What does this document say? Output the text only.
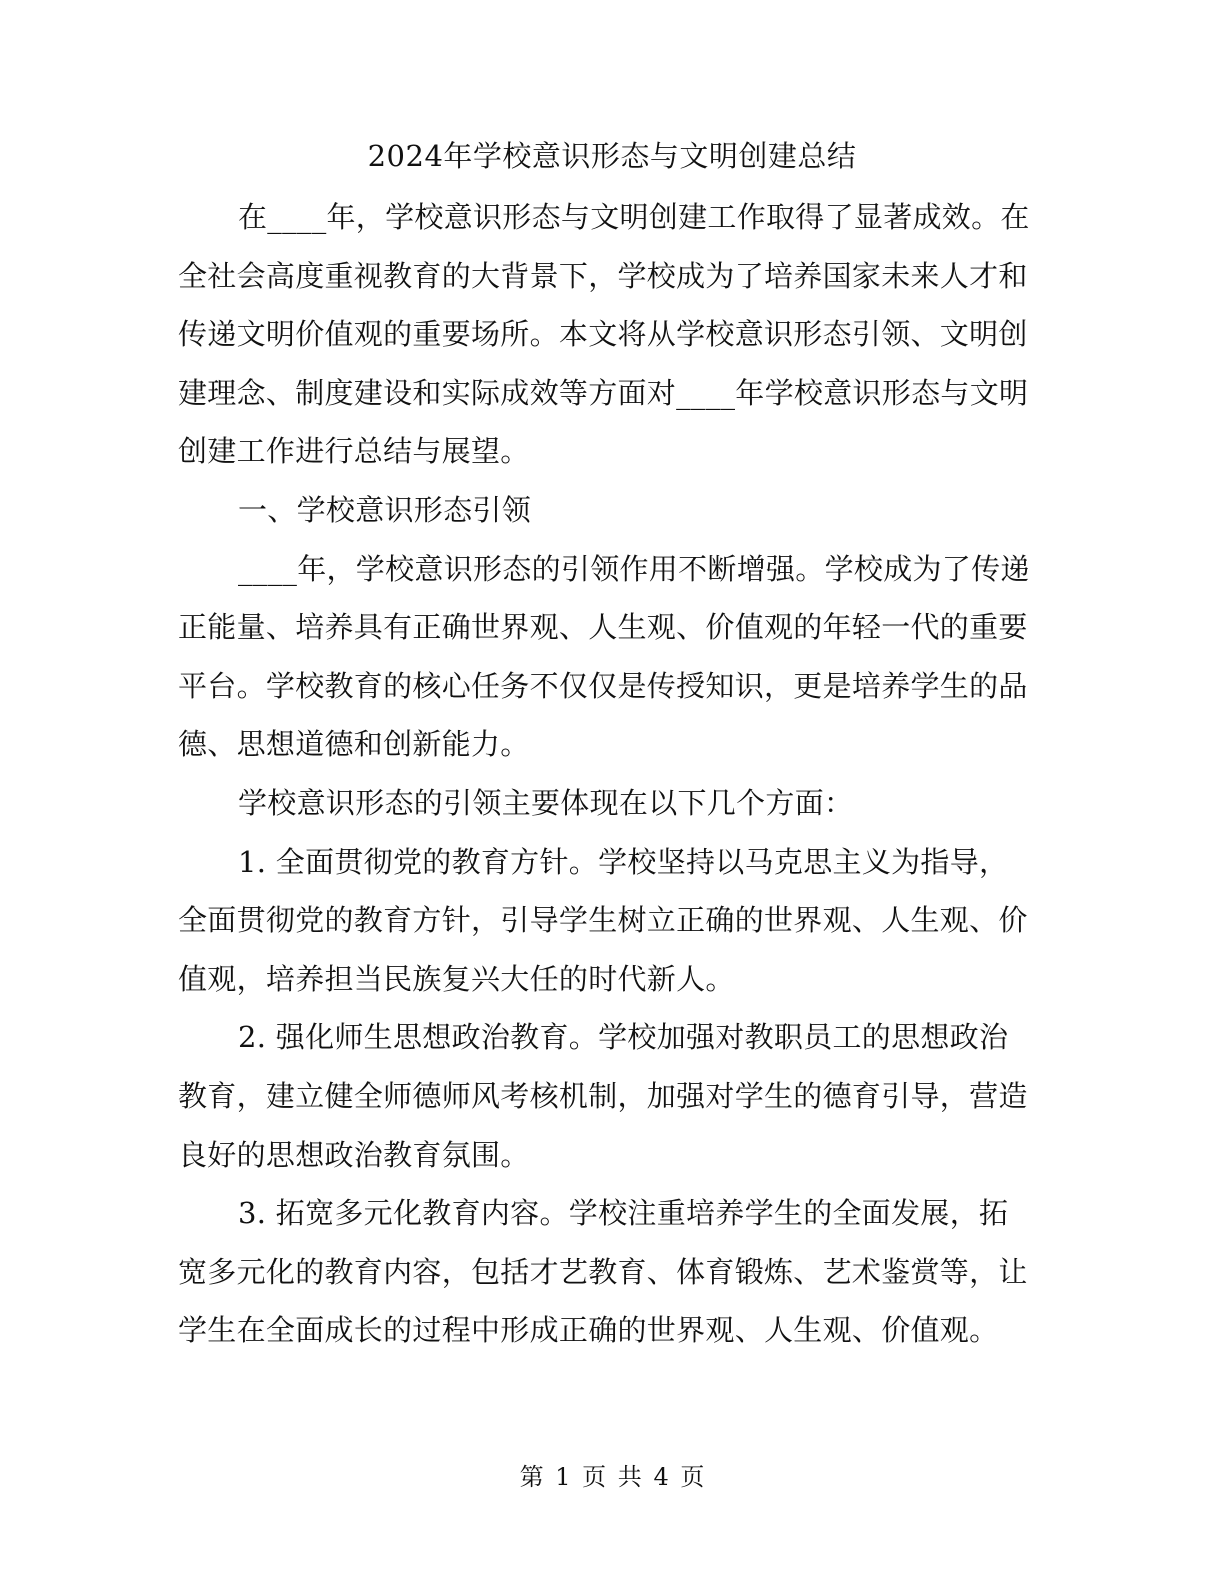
2024年学校意识形态与文明创建总结

在____年，学校意识形态与文明创建工作取得了显著成效。在全社会高度重视教育的大背景下，学校成为了培养国家未来人才和传递文明价值观的重要场所。本文将从学校意识形态引领、文明创建理念、制度建设和实际成效等方面对____年学校意识形态与文明创建工作进行总结与展望。

一、学校意识形态引领

____年，学校意识形态的引领作用不断增强。学校成为了传递正能量、培养具有正确世界观、人生观、价值观的年轻一代的重要平台。学校教育的核心任务不仅仅是传授知识，更是培养学生的品德、思想道德和创新能力。

学校意识形态的引领主要体现在以下几个方面：

1. 全面贯彻党的教育方针。学校坚持以马克思主义为指导，全面贯彻党的教育方针，引导学生树立正确的世界观、人生观、价值观，培养担当民族复兴大任的时代新人。

2. 强化师生思想政治教育。学校加强对教职员工的思想政治教育，建立健全师德师风考核机制，加强对学生的德育引导，营造良好的思想政治教育氛围。

3. 拓宽多元化教育内容。学校注重培养学生的全面发展，拓宽多元化的教育内容，包括才艺教育、体育锻炼、艺术鉴赏等，让学生在全面成长的过程中形成正确的世界观、人生观、价值观。

第 1 页 共 4 页
